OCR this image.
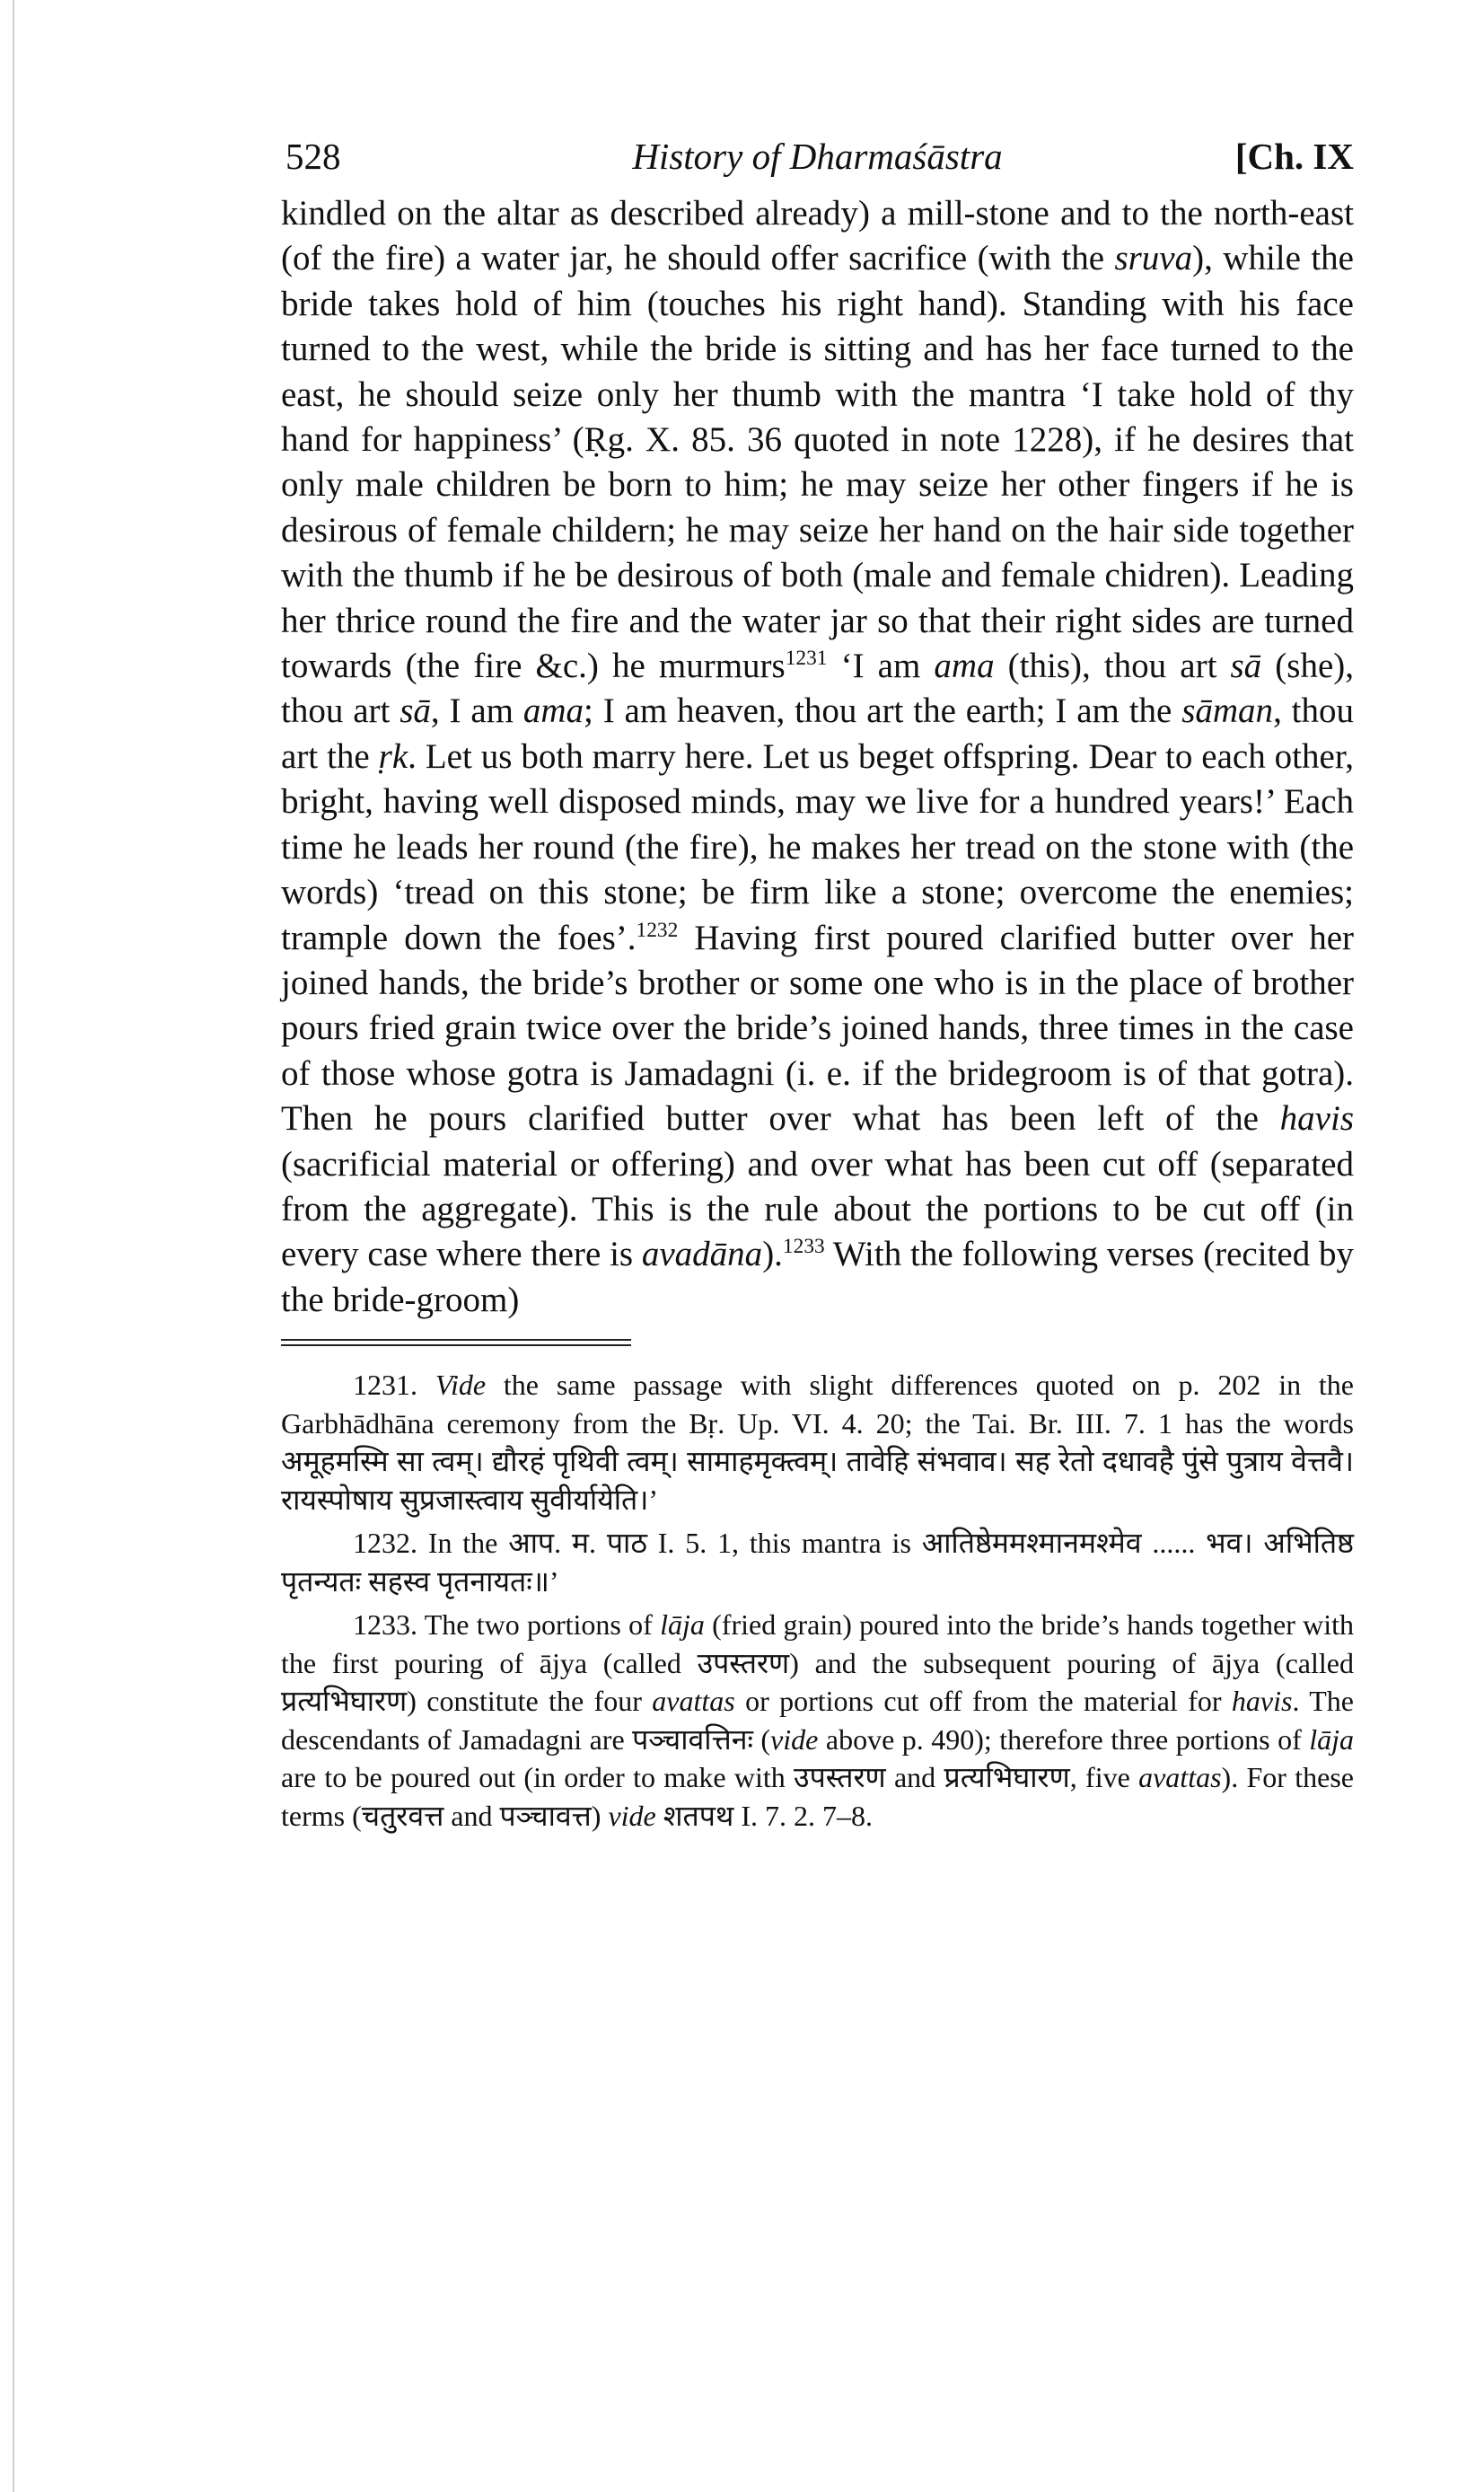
528	History of Dharmaśāstra	[Ch. IX

kindled on the altar as described already) a mill-stone and to the north-east (of the fire) a water jar, he should offer sacrifice (with the sruva), while the bride takes hold of him (touches his right hand). Standing with his face turned to the west, while the bride is sitting and has her face turned to the east, he should seize only her thumb with the mantra ‘I take hold of thy hand for happiness’ (Ṛg. X. 85. 36 quoted in note 1228), if he desires that only male children be born to him; he may seize her other fingers if he is desirous of female childern; he may seize her hand on the hair side together with the thumb if he be desirous of both (male and female chidren). Leading her thrice round the fire and the water jar so that their right sides are turned towards (the fire &c.) he murmurs$^{1231}$ ‘I am ama (this), thou art sā (she), thou art sā, I am ama; I am heaven, thou art the earth; I am the sāman, thou art the ṛk. Let us both marry here. Let us beget offspring. Dear to each other, bright, having well disposed minds, may we live for a hundred years!’ Each time he leads her round (the fire), he makes her tread on the stone with (the words) ‘tread on this stone; be firm like a stone; overcome the enemies; trample down the foes’.$^{1232}$ Having first poured clarified butter over her joined hands, the bride’s brother or some one who is in the place of brother pours fried grain twice over the bride’s joined hands, three times in the case of those whose gotra is Jamadagni (i. e. if the bridegroom is of that gotra). Then he pours clarified butter over what has been left of the havis (sacrificial material or offering) and over what has been cut off (separated from the aggregate). This is the rule about the portions to be cut off (in every case where there is avadāna).$^{1233}$ With the following verses (recited by the bride-groom)

1231. Vide the same passage with slight differences quoted on p. 202 in the Garbhādhāna ceremony from the Bṛ. Up. VI. 4. 20; the Tai. Br. III. 7. 1 has the words अमूहमस्मि सा त्वम्। द्यौरहं पृथिवी त्वम्। सामाहमृक्त्वम्। तावेहि संभवाव। सह रेतो दधावहै पुंसे पुत्राय वेत्तवै। रायस्पोषाय सुप्रजास्त्वाय सुवीर्यायेति।’

1232. In the आप. म. पाठ I. 5. 1, this mantra is आतिष्ठेममश्मानमश्मेव ...... भव। अभितिष्ठ पृतन्यतः सहस्व पृतनायतः॥’

1233. The two portions of lāja (fried grain) poured into the bride’s hands together with the first pouring of ājya (called उपस्तरण) and the subsequent pouring of ājya (called प्रत्यभिघारण) constitute the four avattas or portions cut off from the material for havis. The descendants of Jamadagni are पञ्चावत्तिनः (vide above p. 490); therefore three portions of lāja are to be poured out (in order to make with उपस्तरण and प्रत्यभिघारण, five avattas). For these terms (चतुरवत्त and पञ्चावत्त) vide शतपथ I. 7. 2. 7–8.
